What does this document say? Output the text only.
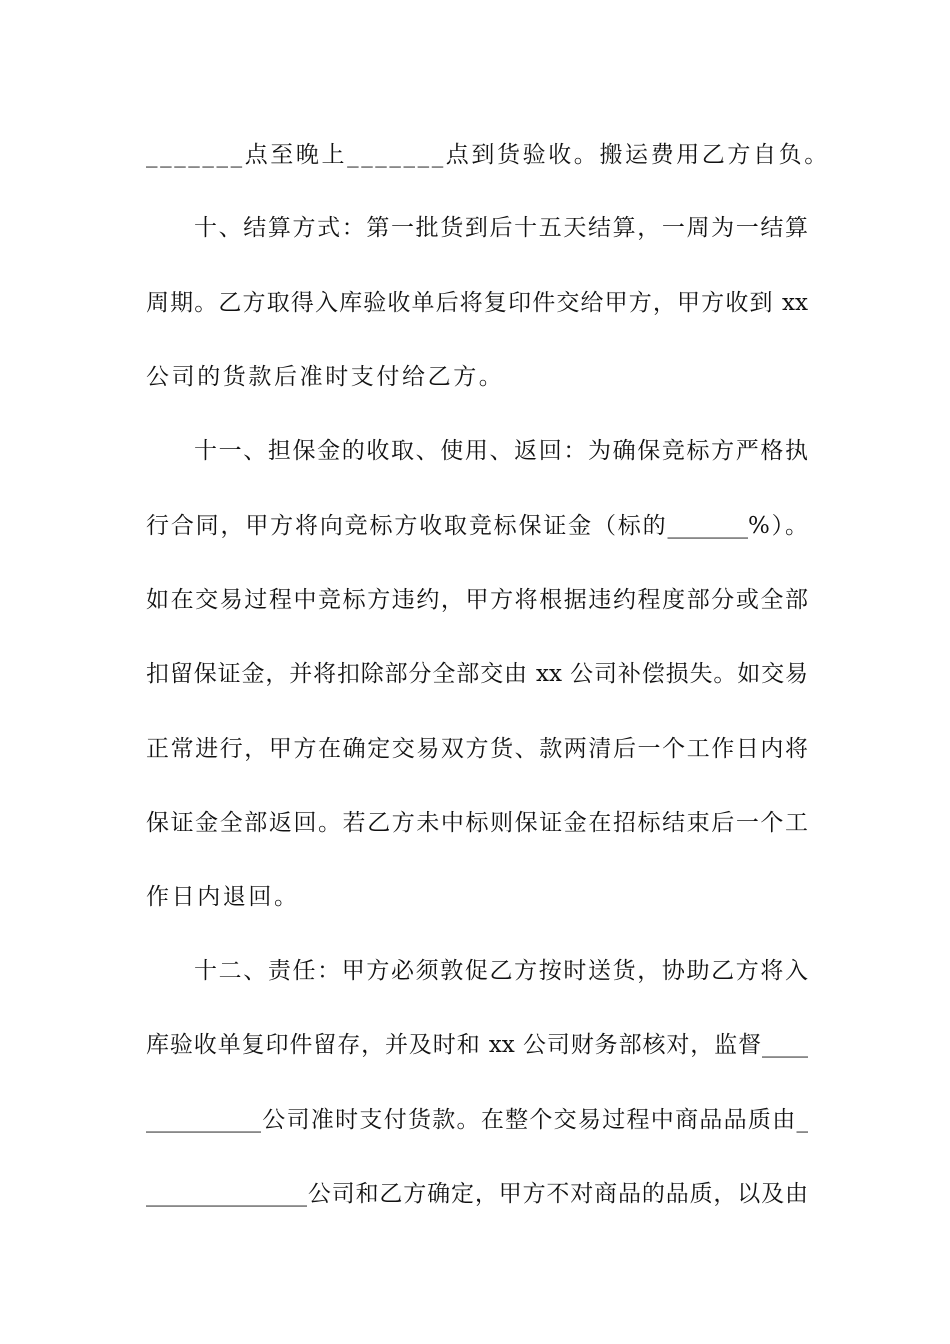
_______点至晚上_______点到货验收。搬运费用乙方自负。
十、结算方式：第一批货到后十五天结算，一周为一结算
周期。乙方取得入库验收单后将复印件交给甲方，甲方收到 xx
公司的货款后准时支付给乙方。
十一、担保金的收取、使用、返回：为确保竞标方严格执
行合同，甲方将向竞标方收取竞标保证金（标的_______%）。
如在交易过程中竞标方违约，甲方将根据违约程度部分或全部
扣留保证金，并将扣除部分全部交由 xx 公司补偿损失。如交易
正常进行，甲方在确定交易双方货、款两清后一个工作日内将
保证金全部返回。若乙方未中标则保证金在招标结束后一个工
作日内退回。
十二、责任：甲方必须敦促乙方按时送货，协助乙方将入
库验收单复印件留存，并及时和 xx 公司财务部核对，监督____
__________公司准时支付货款。在整个交易过程中商品品质由_
______________公司和乙方确定，甲方不对商品的品质，以及由
